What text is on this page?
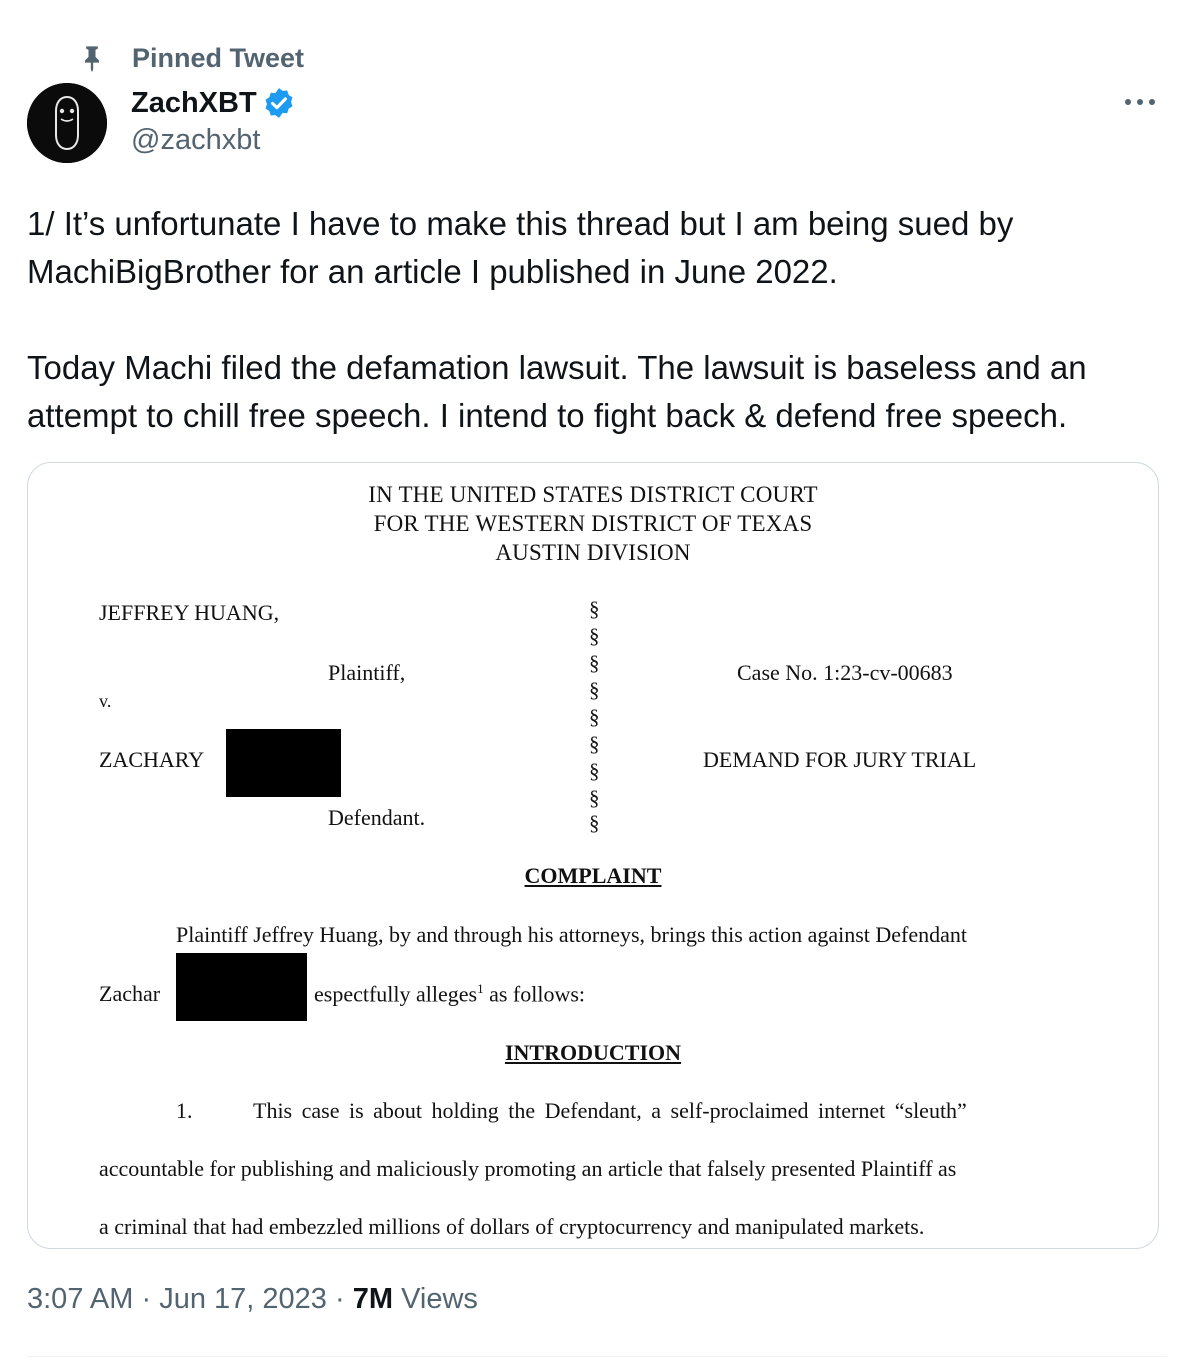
Pinned Tweet
ZachXBT
@zachxbt

1/ It’s unfortunate I have to make this thread but I am being sued by MachiBigBrother for an article I published in June 2022.

Today Machi filed the defamation lawsuit. The lawsuit is baseless and an attempt to chill free speech. I intend to fight back & defend free speech.

IN THE UNITED STATES DISTRICT COURT
FOR THE WESTERN DISTRICT OF TEXAS
AUSTIN DIVISION
JEFFREY HUANG,
Plaintiff,
v.
ZACHARY
Defendant.
§
§
§
§
§
§
§
§
§
Case No. 1:23-cv-00683
DEMAND FOR JURY TRIAL
COMPLAINT
Plaintiff Jeffrey Huang, by and through his attorneys, brings this action against Defendant
Zachar	espectfully alleges$^1$ as follows:
INTRODUCTION
1.	This case is about holding the Defendant, a self-proclaimed internet “sleuth”
accountable for publishing and maliciously promoting an article that falsely presented Plaintiff as
a criminal that had embezzled millions of dollars of cryptocurrency and manipulated markets.
3:07 AM · Jun 17, 2023 · 7M Views
